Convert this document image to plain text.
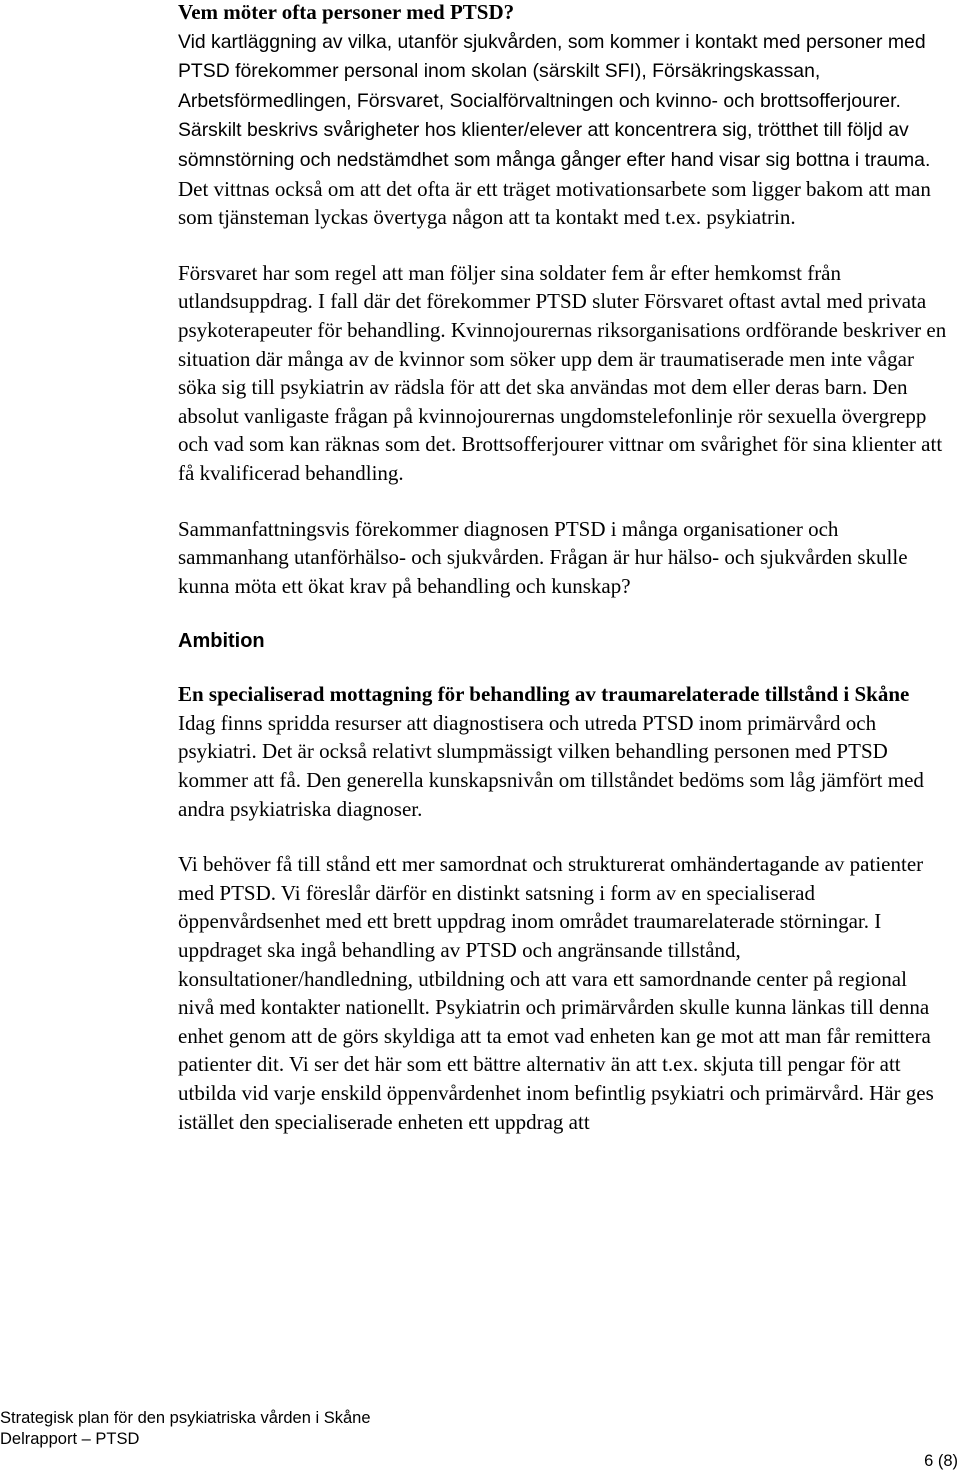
Vem möter ofta personer med PTSD?

Vid kartläggning av vilka, utanför sjukvården, som kommer i kontakt med personer med PTSD förekommer personal inom skolan (särskilt SFI), Försäkringskassan, Arbetsförmedlingen, Försvaret, Socialförvaltningen och kvinno- och brottsofferjourer. Särskilt beskrivs svårigheter hos klienter/elever att koncentrera sig, trötthet till följd av sömnstörning och nedstämdhet som många gånger efter hand visar sig bottna i trauma. Det vittnas också om att det ofta är ett träget motivationsarbete som ligger bakom att man som tjänsteman lyckas övertyga någon att ta kontakt med t.ex. psykiatrin.

Försvaret har som regel att man följer sina soldater fem år efter hemkomst från utlandsuppdrag. I fall där det förekommer PTSD sluter Försvaret oftast avtal med privata psykoterapeuter för behandling. Kvinnojourernas riksorganisations ordförande beskriver en situation där många av de kvinnor som söker upp dem är traumatiserade men inte vågar söka sig till psykiatrin av rädsla för att det ska användas mot dem eller deras barn. Den absolut vanligaste frågan på kvinnojourernas ungdomstelefonlinje rör sexuella övergrepp och vad som kan räknas som det. Brottsofferjourer vittnar om svårighet för sina klienter att få kvalificerad behandling.

Sammanfattningsvis förekommer diagnosen PTSD i många organisationer och sammanhang utanförhälso- och sjukvården. Frågan är hur hälso- och sjukvården skulle kunna möta ett ökat krav på behandling och kunskap?

Ambition

En specialiserad mottagning för behandling av traumarelaterade tillstånd i Skåne

Idag finns spridda resurser att diagnostisera och utreda PTSD inom primärvård och psykiatri. Det är också relativt slumpmässigt vilken behandling personen med PTSD kommer att få. Den generella kunskapsnivån om tillståndet bedöms som låg jämfört med andra psykiatriska diagnoser.

Vi behöver få till stånd ett mer samordnat och strukturerat omhändertagande av patienter med PTSD. Vi föreslår därför en distinkt satsning i form av en specialiserad öppenvårdsenhet med ett brett uppdrag inom området traumarelaterade störningar. I uppdraget ska ingå behandling av PTSD och angränsande tillstånd, konsultationer/handledning, utbildning och att vara ett samordnande center på regional nivå med kontakter nationellt. Psykiatrin och primärvården skulle kunna länkas till denna enhet genom att de görs skyldiga att ta emot vad enheten kan ge mot att man får remittera patienter dit. Vi ser det här som ett bättre alternativ än att t.ex. skjuta till pengar för att utbilda vid varje enskild öppenvårdenhet inom befintlig psykiatri och primärvård. Här ges istället den specialiserade enheten ett uppdrag att

Strategisk plan för den psykiatriska vården i Skåne
Delrapport – PTSD
6 (8)
